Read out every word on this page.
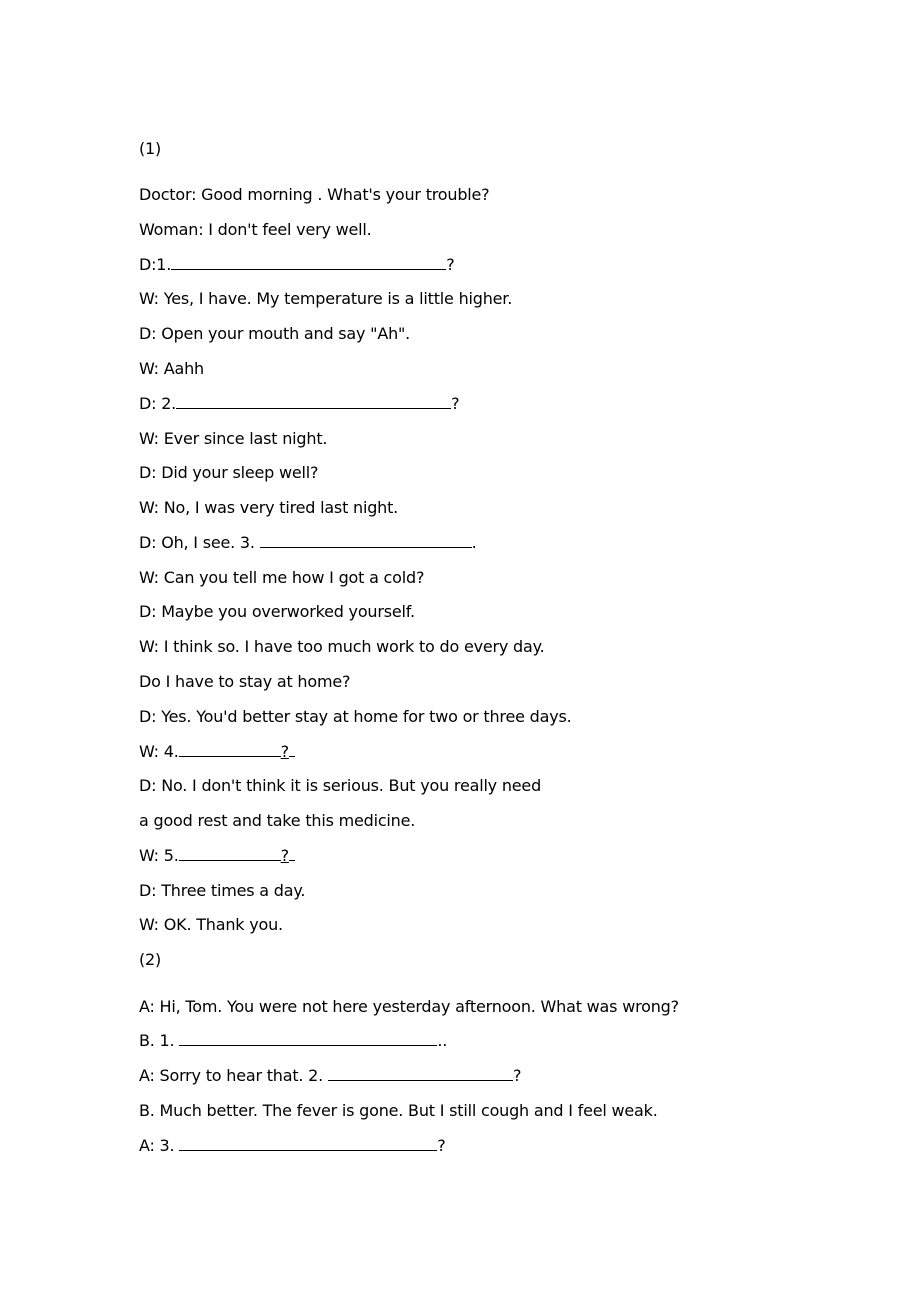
(1)
Doctor: Good morning . What's your trouble?
Woman: I don't feel very well.
D:1.	?
W: Yes, I have. My temperature is a little higher.
D: Open your mouth and say "Ah".
W: Aahh
D: 2.	?
W: Ever since last night.
D: Did your sleep well?
W: No, I was very tired last night.
D: Oh, I see. 3.	.
W: Can you tell me how I got a cold?
D: Maybe you overworked yourself.
W: I think so. I have too much work to do every day.
Do I have to stay at home?
D: Yes. You'd better stay at home for two or three days.
W: 4.	?
D: No. I don't think it is serious. But you really need
a good rest and take this medicine.
W: 5.	?
D: Three times a day.
W: OK. Thank you.
(2)
A: Hi, Tom. You were not here yesterday afternoon. What was wrong?
B. 1.	..
A: Sorry to hear that. 2.	?
B. Much better. The fever is gone. But I still cough and I feel weak.
A: 3.	?
